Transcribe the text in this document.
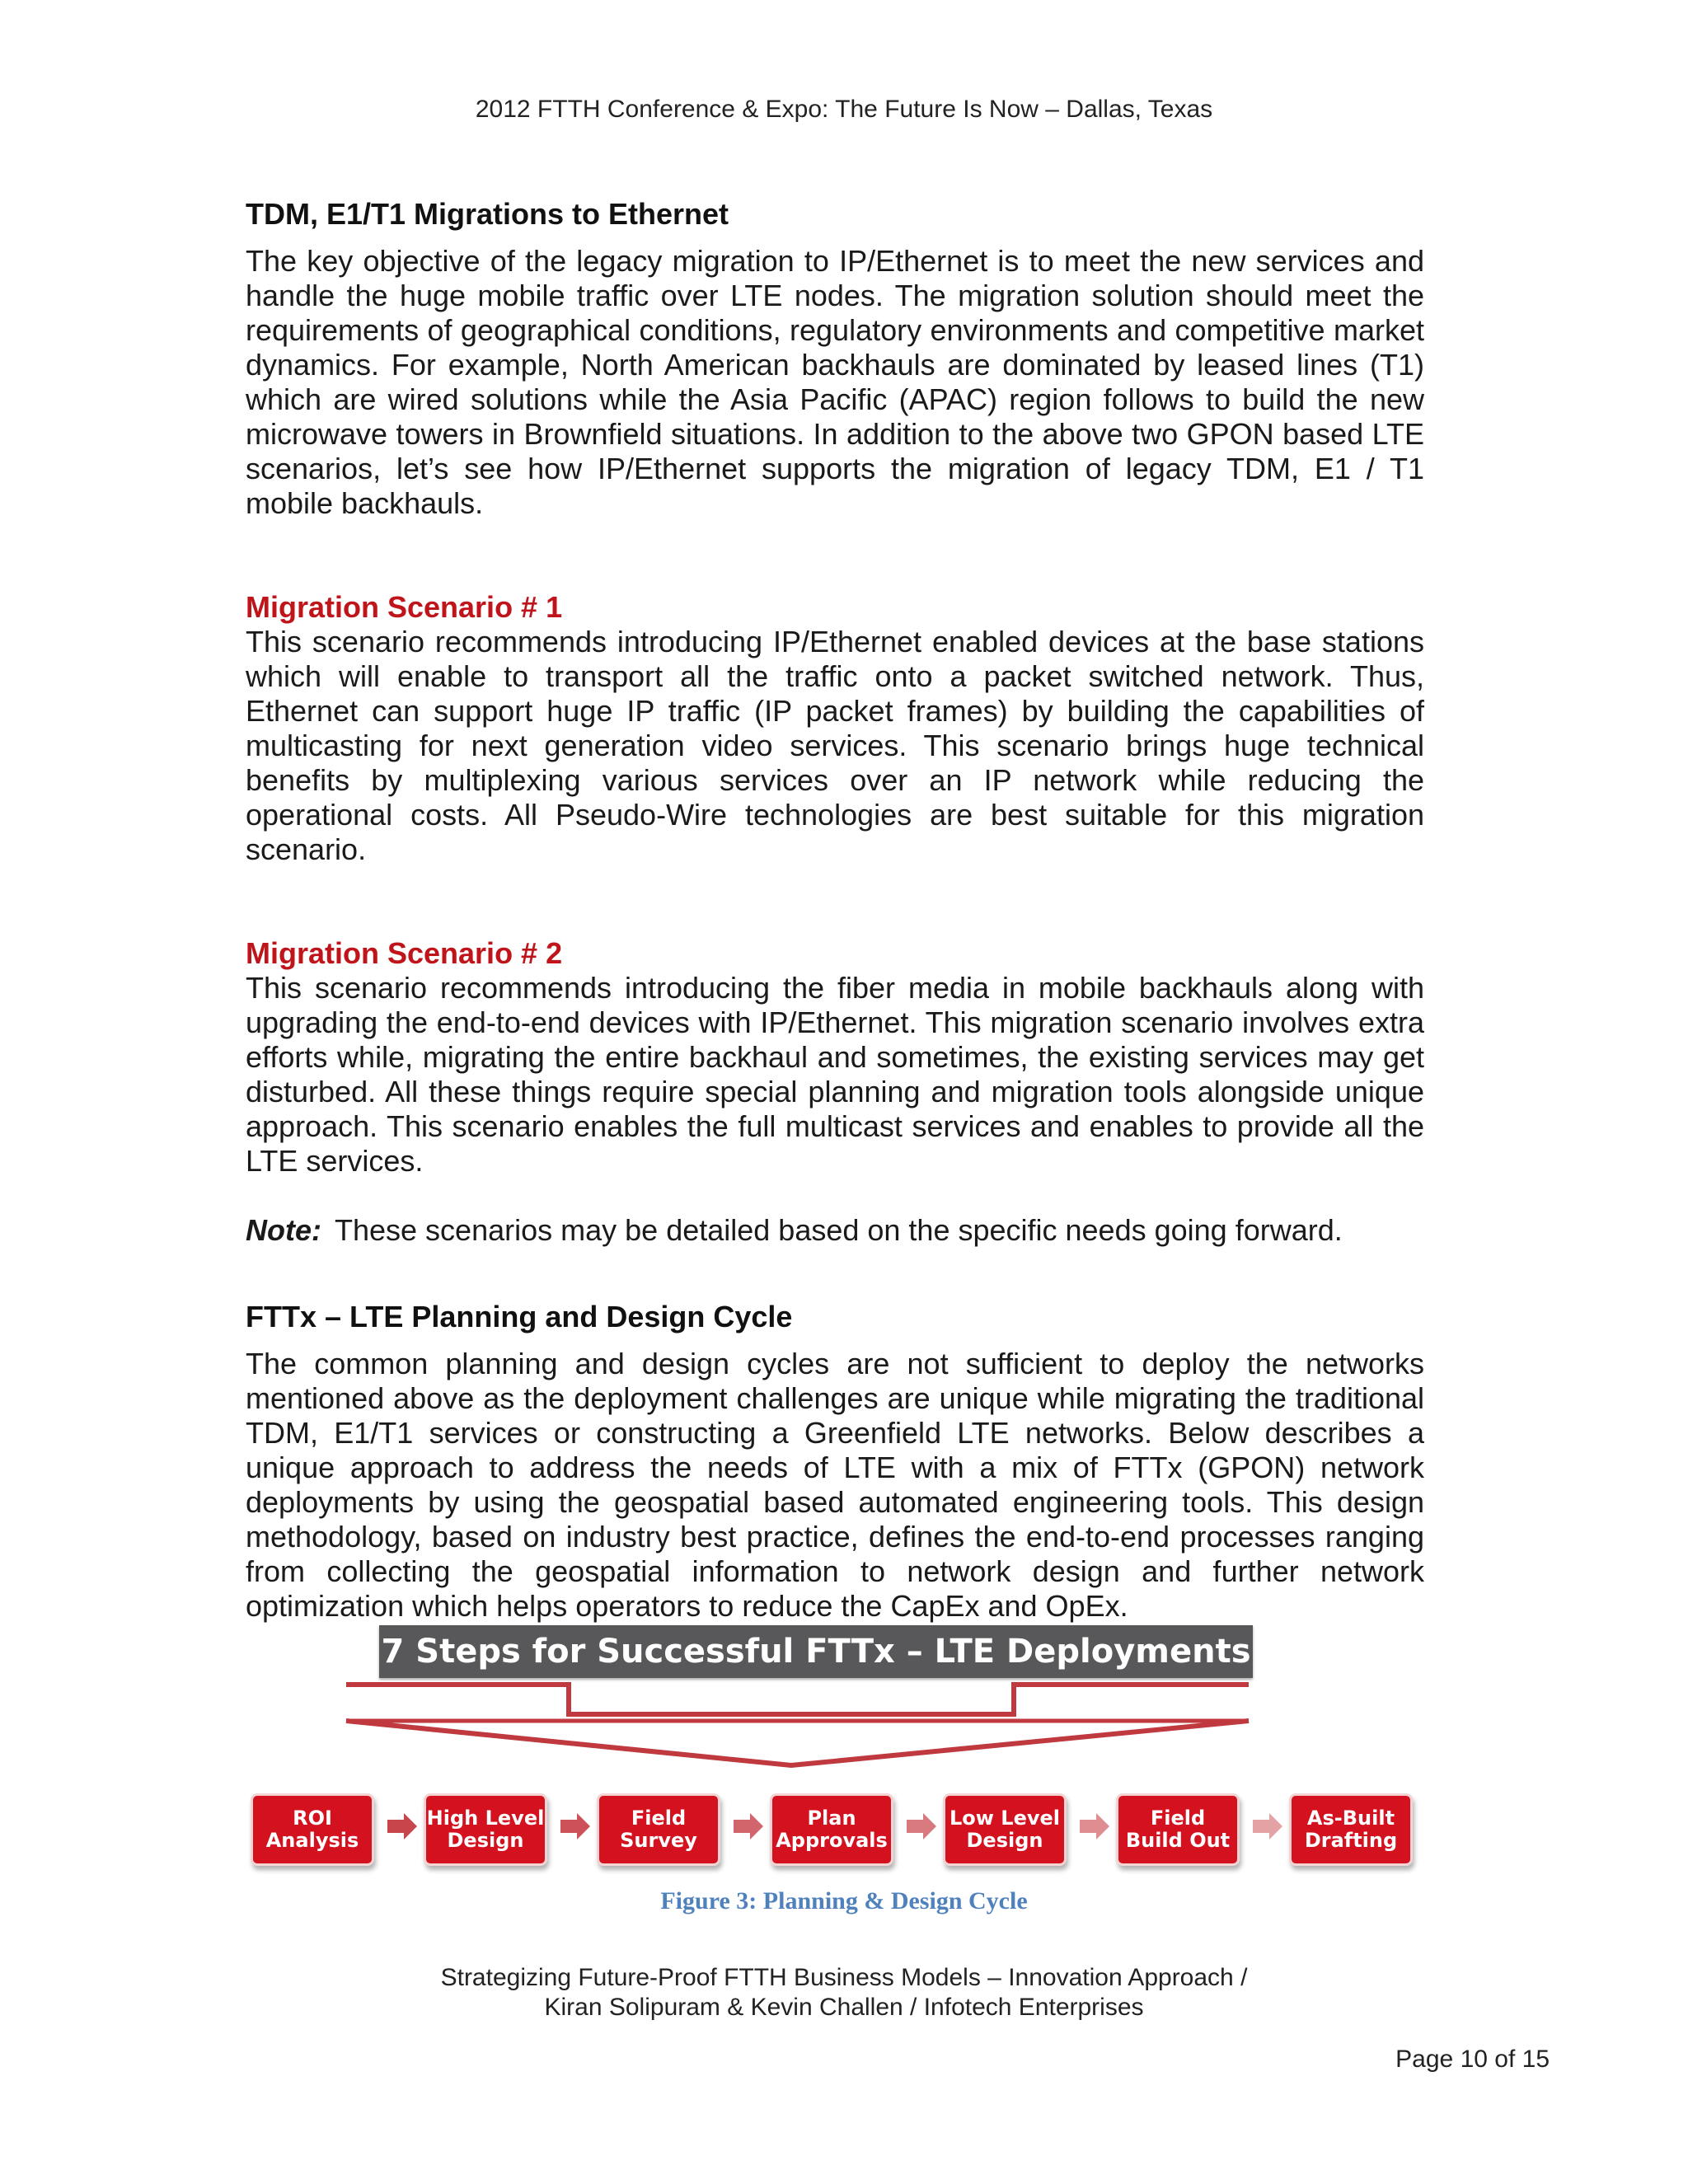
2012 FTTH Conference & Expo: The Future Is Now – Dallas, Texas
TDM, E1/T1 Migrations to Ethernet

The key objective of the legacy migration to IP/Ethernet is to meet the new services and handle the huge mobile traffic over LTE nodes. The migration solution should meet the requirements of geographical conditions, regulatory environments and competitive market dynamics. For example, North American backhauls are dominated by leased lines (T1) which are wired solutions while the Asia Pacific (APAC) region follows to build the new microwave towers in Brownfield situations. In addition to the above two GPON based LTE scenarios, let’s see how IP/Ethernet supports the migration of legacy TDM, E1 / T1 mobile backhauls.

Migration Scenario # 1

This scenario recommends introducing IP/Ethernet enabled devices at the base stations which will enable to transport all the traffic onto a packet switched network. Thus, Ethernet can support huge IP traffic (IP packet frames) by building the capabilities of multicasting for next generation video services. This scenario brings huge technical benefits by multiplexing various services over an IP network while reducing the operational costs. All Pseudo-Wire technologies are best suitable for this migration scenario.

Migration Scenario # 2

This scenario recommends introducing the fiber media in mobile backhauls along with upgrading the end-to-end devices with IP/Ethernet. This migration scenario involves extra efforts while, migrating the entire backhaul and sometimes, the existing services may get disturbed. All these things require special planning and migration tools alongside unique approach. This scenario enables the full multicast services and enables to provide all the LTE services.

Note: These scenarios may be detailed based on the specific needs going forward.

FTTx – LTE Planning and Design Cycle

The common planning and design cycles are not sufficient to deploy the networks mentioned above as the deployment challenges are unique while migrating the traditional TDM, E1/T1 services or constructing a Greenfield LTE networks. Below describes a unique approach to address the needs of LTE with a mix of FTTx (GPON) network deployments by using the geospatial based automated engineering tools. This design methodology, based on industry best practice, defines the end-to-end processes ranging from collecting the geospatial information to network design and further network optimization which helps operators to reduce the CapEx and OpEx.

7 Steps for Successful FTTx – LTE Deployments
ROI
Analysis
High Level
Design
Field
Survey
Plan
Approvals
Low Level
Design
Field
Build Out
As-Built
Drafting
Figure 3: Planning & Design Cycle
Strategizing Future-Proof FTTH Business Models – Innovation Approach /
Kiran Solipuram & Kevin Challen / Infotech Enterprises
Page 10 of 15
